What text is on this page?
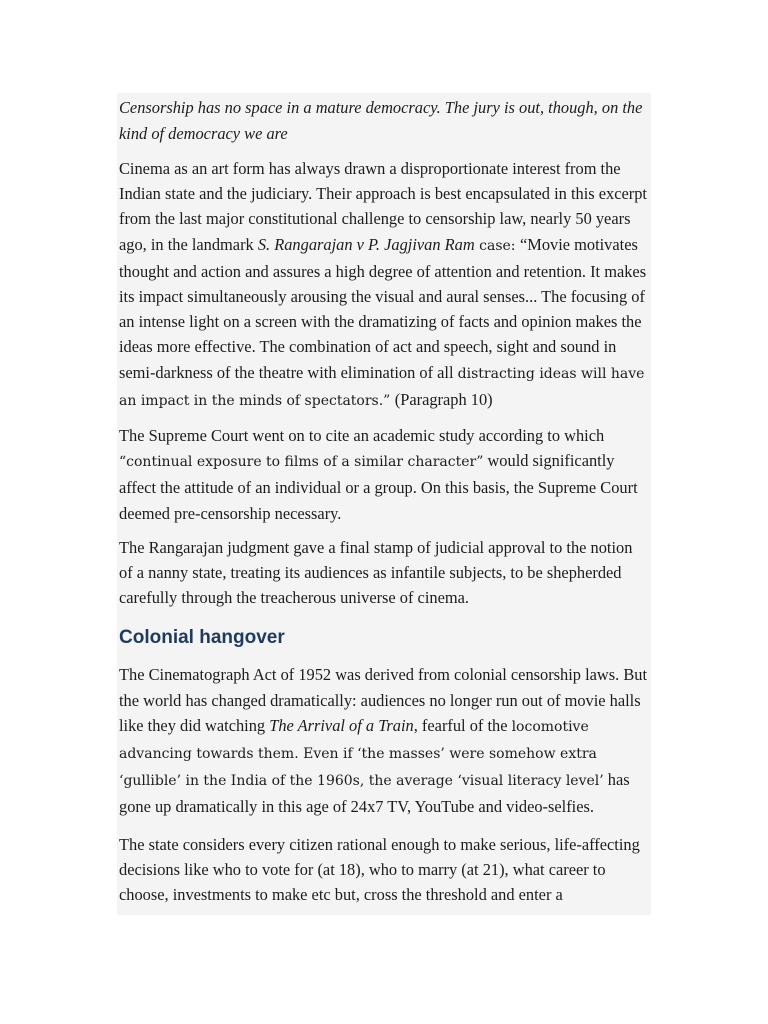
Censorship has no space in a mature democracy. The jury is out, though, on the kind of democracy we are

Cinema as an art form has always drawn a disproportionate interest from the Indian state and the judiciary. Their approach is best encapsulated in this excerpt from the last major constitutional challenge to censorship law, nearly 50 years ago, in the landmark S. Rangarajan v P. Jagjivan Ram case: “Movie motivates thought and action and assures a high degree of attention and retention. It makes its impact simultaneously arousing the visual and aural senses... The focusing of an intense light on a screen with the dramatizing of facts and opinion makes the ideas more effective. The combination of act and speech, sight and sound in semi-darkness of the theatre with elimination of all distracting ideas will have an impact in the minds of spectators.” (Paragraph 10)

The Supreme Court went on to cite an academic study according to which “continual exposure to films of a similar character” would significantly affect the attitude of an individual or a group. On this basis, the Supreme Court deemed pre-censorship necessary.

The Rangarajan judgment gave a final stamp of judicial approval to the notion of a nanny state, treating its audiences as infantile subjects, to be shepherded carefully through the treacherous universe of cinema.

Colonial hangover

The Cinematograph Act of 1952 was derived from colonial censorship laws. But the world has changed dramatically: audiences no longer run out of movie halls like they did watching The Arrival of a Train, fearful of the locomotive advancing towards them. Even if ‘the masses’ were somehow extra ‘gullible’ in the India of the 1960s, the average ‘visual literacy level’ has gone up dramatically in this age of 24x7 TV, YouTube and video-selfies.

The state considers every citizen rational enough to make serious, life-affecting decisions like who to vote for (at 18), who to marry (at 21), what career to choose, investments to make etc but, cross the threshold and enter a
